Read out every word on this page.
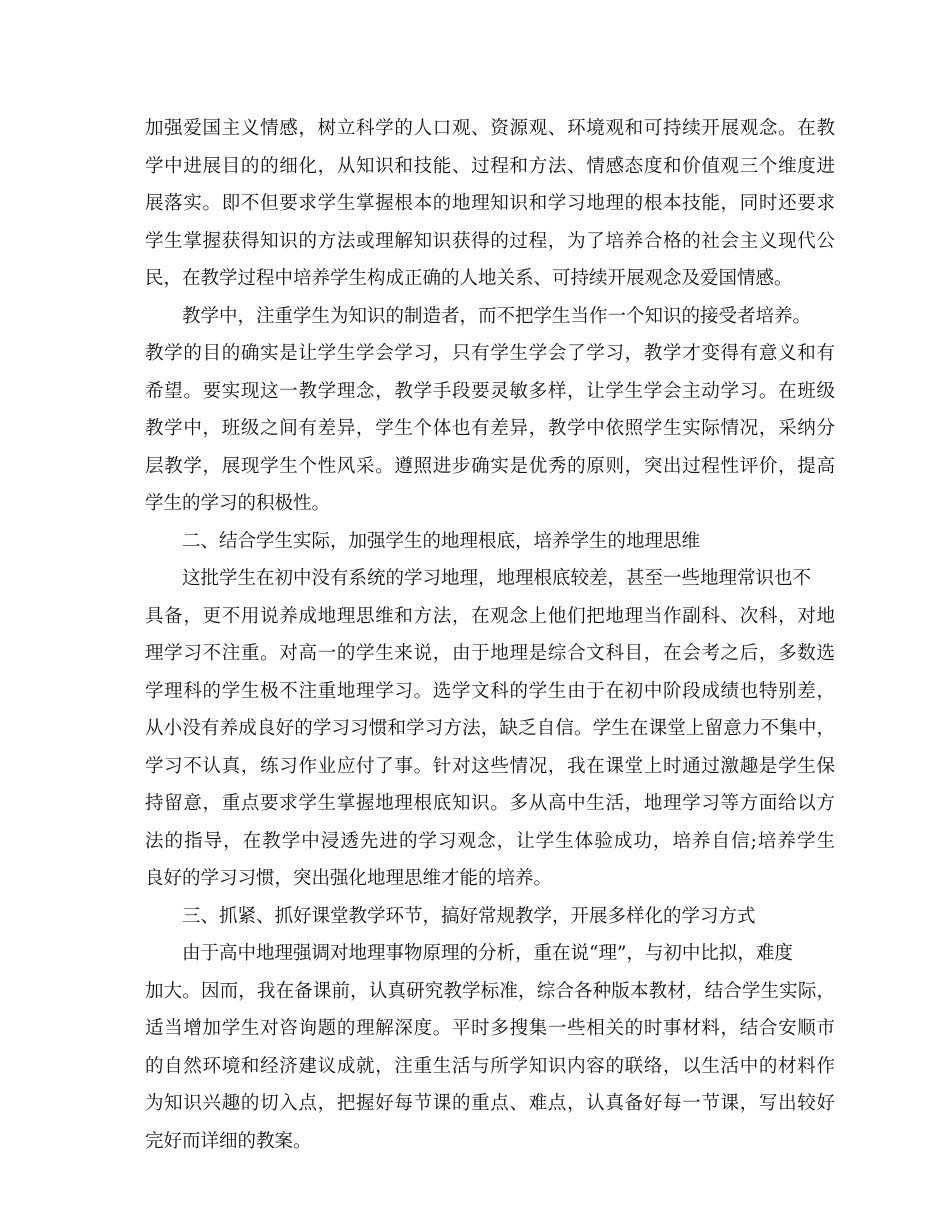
加强爱国主义情感，树立科学的人口观、资源观、环境观和可持续开展观念。在教
学中进展目的的细化，从知识和技能、过程和方法、情感态度和价值观三个维度进
展落实。即不但要求学生掌握根本的地理知识和学习地理的根本技能，同时还要求
学生掌握获得知识的方法或理解知识获得的过程，为了培养合格的社会主义现代公
民，在教学过程中培养学生构成正确的人地关系、可持续开展观念及爱国情感。
教学中，注重学生为知识的制造者，而不把学生当作一个知识的接受者培养。
教学的目的确实是让学生学会学习，只有学生学会了学习，教学才变得有意义和有
希望。要实现这一教学理念，教学手段要灵敏多样，让学生学会主动学习。在班级
教学中，班级之间有差异，学生个体也有差异，教学中依照学生实际情况，采纳分
层教学，展现学生个性风采。遵照进步确实是优秀的原则，突出过程性评价，提高
学生的学习的积极性。
二、结合学生实际，加强学生的地理根底，培养学生的地理思维
这批学生在初中没有系统的学习地理，地理根底较差，甚至一些地理常识也不
具备，更不用说养成地理思维和方法，在观念上他们把地理当作副科、次科，对地
理学习不注重。对高一的学生来说，由于地理是综合文科目，在会考之后，多数选
学理科的学生极不注重地理学习。选学文科的学生由于在初中阶段成绩也特别差，
从小没有养成良好的学习习惯和学习方法，缺乏自信。学生在课堂上留意力不集中，
学习不认真，练习作业应付了事。针对这些情况，我在课堂上时通过激趣是学生保
持留意，重点要求学生掌握地理根底知识。多从高中生活，地理学习等方面给以方
法的指导，在教学中浸透先进的学习观念，让学生体验成功，培养自信;培养学生
良好的学习习惯，突出强化地理思维才能的培养。
三、抓紧、抓好课堂教学环节，搞好常规教学，开展多样化的学习方式
由于高中地理强调对地理事物原理的分析，重在说“理”，与初中比拟，难度
加大。因而，我在备课前，认真研究教学标准，综合各种版本教材，结合学生实际，
适当增加学生对咨询题的理解深度。平时多搜集一些相关的时事材料，结合安顺市
的自然环境和经济建议成就，注重生活与所学知识内容的联络，以生活中的材料作
为知识兴趣的切入点，把握好每节课的重点、难点，认真备好每一节课，写出较好
完好而详细的教案。
